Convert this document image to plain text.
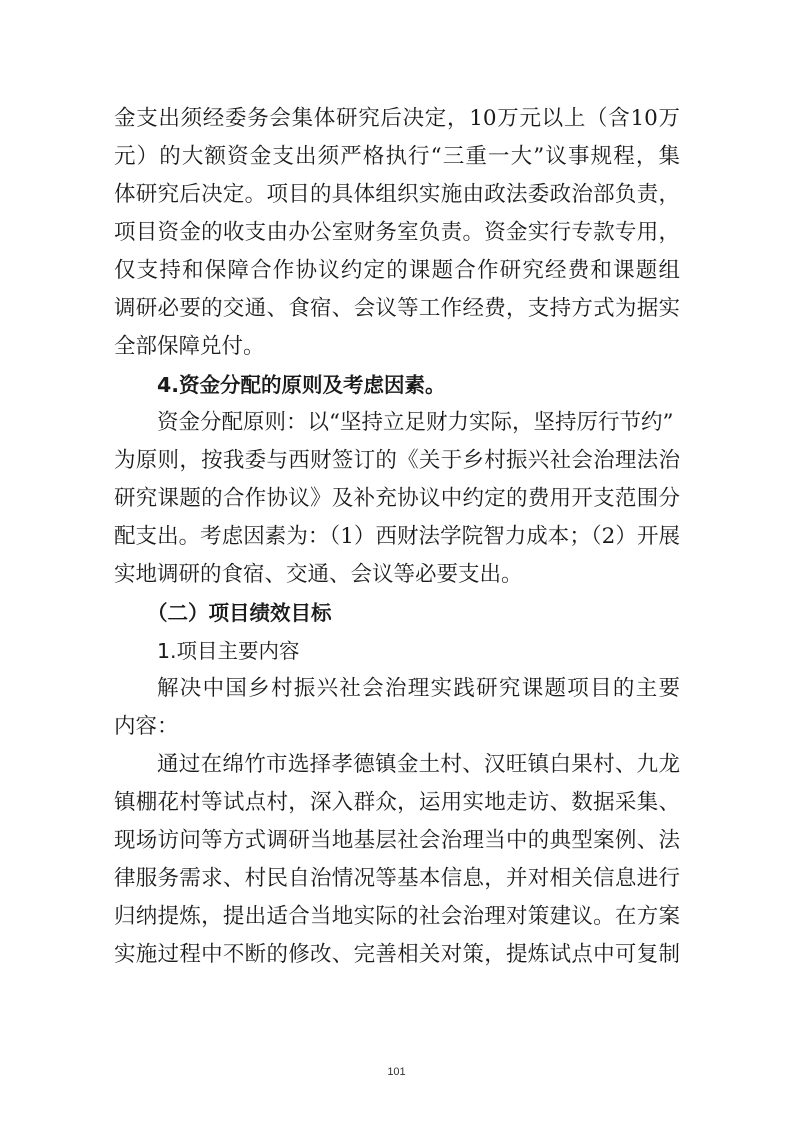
金支出须经委务会集体研究后决定，10万元以上（含10万
元）的大额资金支出须严格执行“三重一大”议事规程，集
体研究后决定。项目的具体组织实施由政法委政治部负责，
项目资金的收支由办公室财务室负责。资金实行专款专用，
仅支持和保障合作协议约定的课题合作研究经费和课题组
调研必要的交通、食宿、会议等工作经费，支持方式为据实
全部保障兑付。
4.资金分配的原则及考虑因素。
资金分配原则：以“坚持立足财力实际，坚持厉行节约”
为原则，按我委与西财签订的《关于乡村振兴社会治理法治
研究课题的合作协议》及补充协议中约定的费用开支范围分
配支出。考虑因素为：（1）西财法学院智力成本；（2）开展
实地调研的食宿、交通、会议等必要支出。
（二）项目绩效目标
1.项目主要内容
解决中国乡村振兴社会治理实践研究课题项目的主要
内容：
通过在绵竹市选择孝德镇金土村、汉旺镇白果村、九龙
镇棚花村等试点村，深入群众，运用实地走访、数据采集、
现场访问等方式调研当地基层社会治理当中的典型案例、法
律服务需求、村民自治情况等基本信息，并对相关信息进行
归纳提炼，提出适合当地实际的社会治理对策建议。在方案
实施过程中不断的修改、完善相关对策，提炼试点中可复制
101
